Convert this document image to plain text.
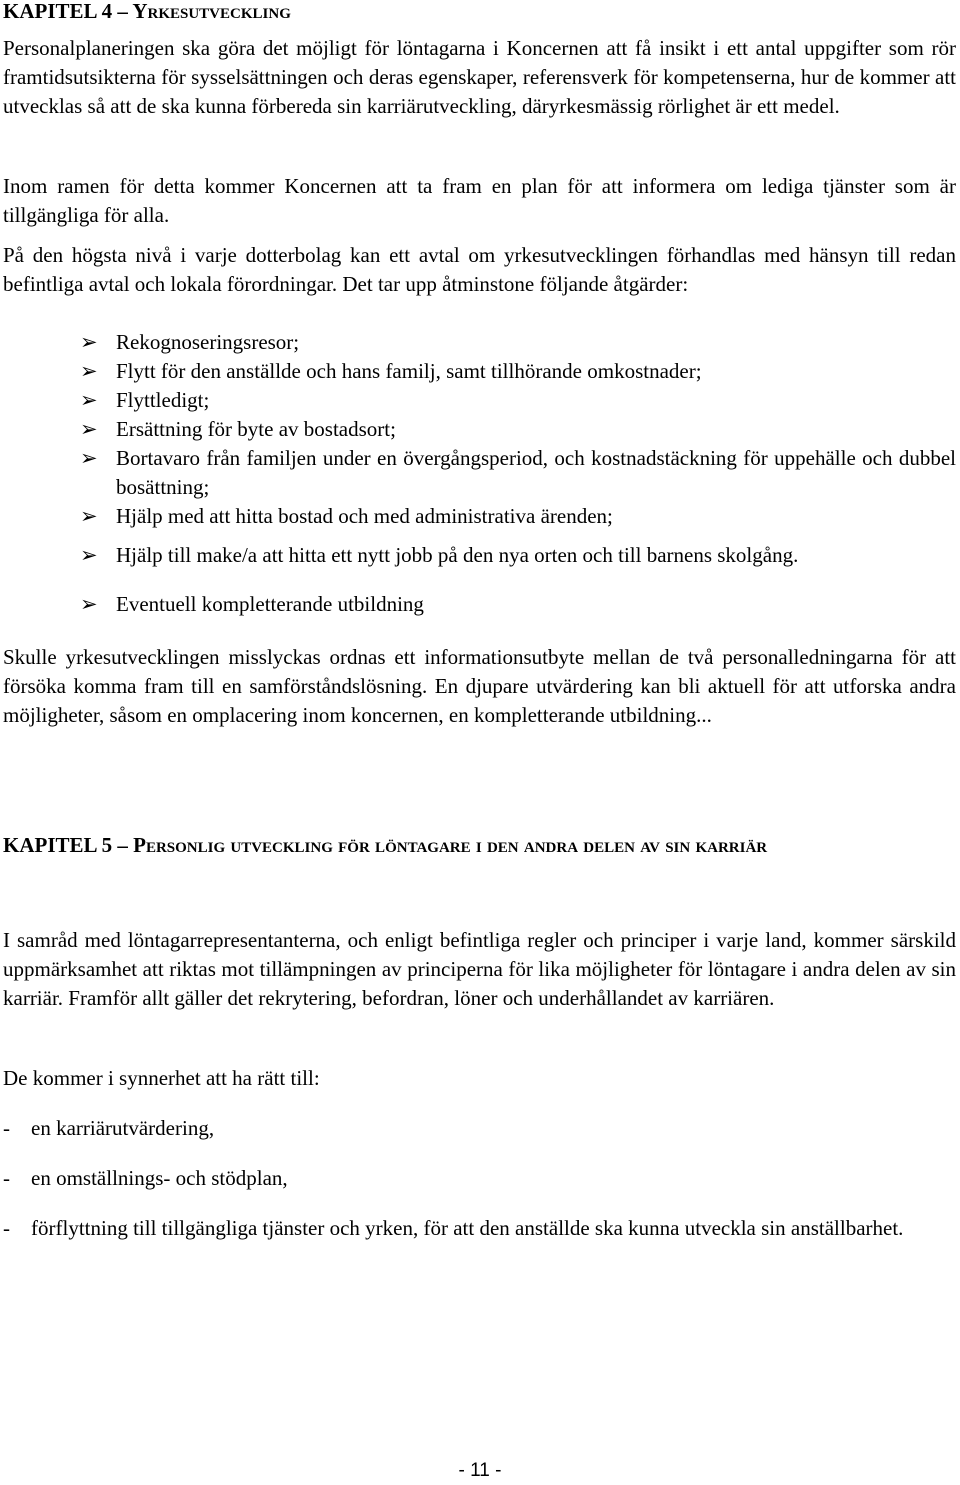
KAPITEL 4 – Yrkesutveckling

Personalplaneringen ska göra det möjligt för löntagarna i Koncernen att få insikt i ett antal uppgifter som rör framtidsutsikterna för sysselsättningen och deras egenskaper, referensverk för kompetenserna, hur de kommer att utvecklas så att de ska kunna förbereda sin karriärutveckling, däryrkesmässig rörlighet är ett medel.

Inom ramen för detta kommer Koncernen att ta fram en plan för att informera om lediga tjänster som är tillgängliga för alla.

På den högsta nivå i varje dotterbolag kan ett avtal om yrkesutvecklingen förhandlas med hänsyn till redan befintliga avtal och lokala förordningar. Det tar upp åtminstone följande åtgärder:

➢ Rekognoseringsresor;
➢ Flytt för den anställde och hans familj, samt tillhörande omkostnader;
➢ Flyttledigt;
➢ Ersättning för byte av bostadsort;
➢ Bortavaro från familjen under en övergångsperiod, och kostnadstäckning för uppehälle och dubbel bosättning;
➢ Hjälp med att hitta bostad och med administrativa ärenden;
➢ Hjälp till make/a att hitta ett nytt jobb på den nya orten och till barnens skolgång.
➢ Eventuell kompletterande utbildning

Skulle yrkesutvecklingen misslyckas ordnas ett informationsutbyte mellan de två personalledningarna för att försöka komma fram till en samförståndslösning. En djupare utvärdering kan bli aktuell för att utforska andra möjligheter, såsom en omplacering inom koncernen, en kompletterande utbildning...

KAPITEL 5 – Personlig utveckling för löntagare i den andra delen av sin karriär

I samråd med löntagarrepresentanterna, och enligt befintliga regler och principer i varje land, kommer särskild uppmärksamhet att riktas mot tillämpningen av principerna för lika möjligheter för löntagare i andra delen av sin karriär. Framför allt gäller det rekrytering, befordran, löner och underhållandet av karriären.

De kommer i synnerhet att ha rätt till:

-	en karriärutvärdering,
-	en omställnings- och stödplan,
-	förflyttning till tillgängliga tjänster och yrken, för att den anställde ska kunna utveckla sin anställbarhet.
- 11 -
